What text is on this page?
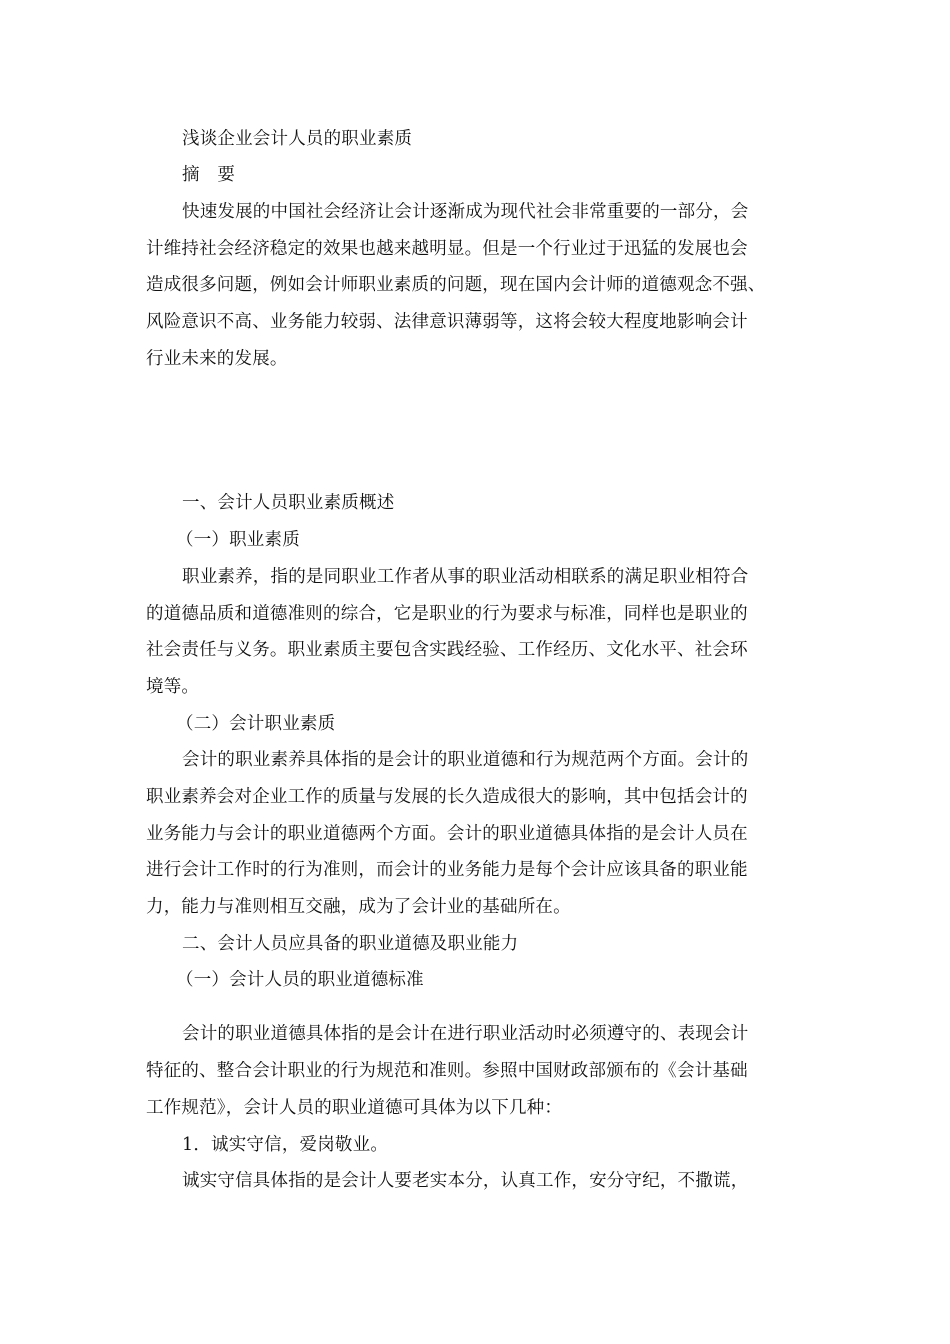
浅谈企业会计人员的职业素质
摘　要
快速发展的中国社会经济让会计逐渐成为现代社会非常重要的一部分，会
计维持社会经济稳定的效果也越来越明显。但是一个行业过于迅猛的发展也会
造成很多问题，例如会计师职业素质的问题，现在国内会计师的道德观念不强、
风险意识不高、业务能力较弱、法律意识薄弱等，这将会较大程度地影响会计
行业未来的发展。
一、会计人员职业素质概述
（一）职业素质
职业素养，指的是同职业工作者从事的职业活动相联系的满足职业相符合
的道德品质和道德准则的综合，它是职业的行为要求与标准，同样也是职业的
社会责任与义务。职业素质主要包含实践经验、工作经历、文化水平、社会环
境等。
（二）会计职业素质
会计的职业素养具体指的是会计的职业道德和行为规范两个方面。会计的
职业素养会对企业工作的质量与发展的长久造成很大的影响，其中包括会计的
业务能力与会计的职业道德两个方面。会计的职业道德具体指的是会计人员在
进行会计工作时的行为准则，而会计的业务能力是每个会计应该具备的职业能
力，能力与准则相互交融，成为了会计业的基础所在。
二、会计人员应具备的职业道德及职业能力
（一）会计人员的职业道德标准
会计的职业道德具体指的是会计在进行职业活动时必须遵守的、表现会计
特征的、整合会计职业的行为规范和准则。参照中国财政部颁布的《会计基础
工作规范》，会计人员的职业道德可具体为以下几种：
1．诚实守信，爱岗敬业。
诚实守信具体指的是会计人要老实本分，认真工作，安分守纪，不撒谎，
